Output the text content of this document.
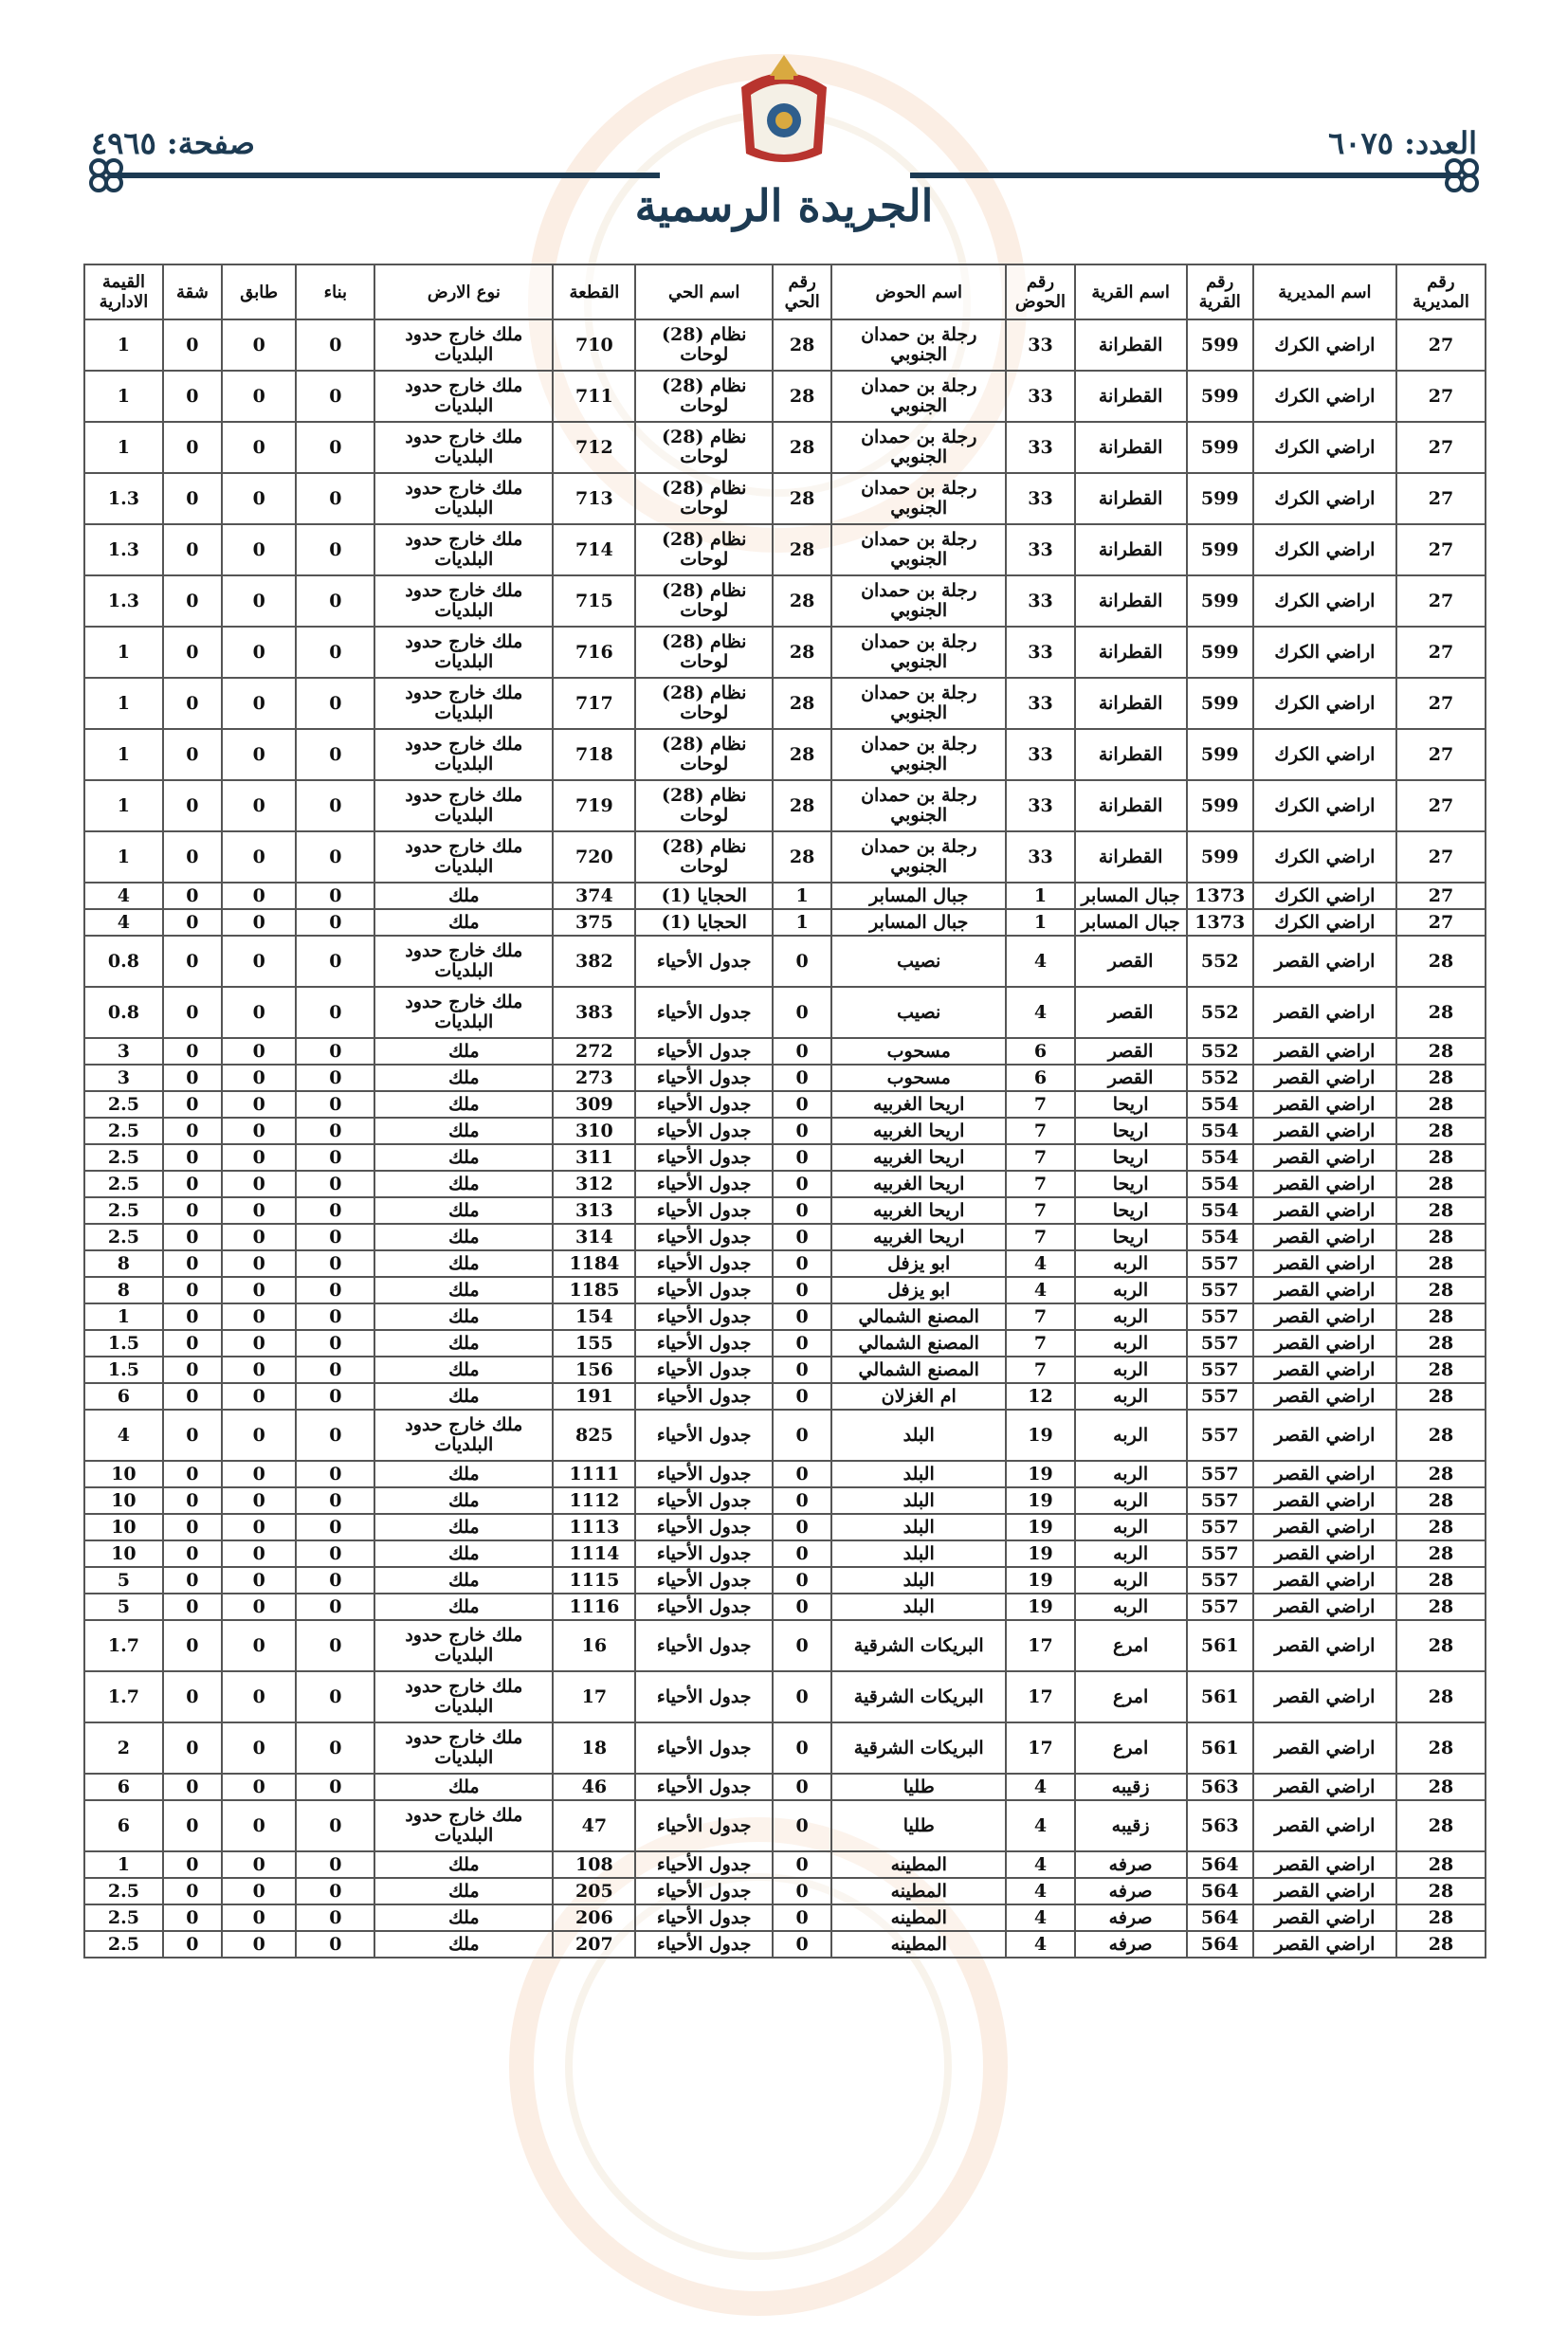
العدد: ٦٠٧٥
صفحة: ٤٩٦٥
الجريدة الرسمية
رقم المديرية	اسم المديرية	رقم القرية	اسم القرية	رقم الحوض	اسم الحوض	رقم الحي	اسم الحي	القطعة	نوع الارض	بناء	طابق	شقة	القيمة الادارية
27	اراضي الكرك	599	القطرانة	33	رجلة بن حمدان الجنوبي	28	نظام (28) لوحات	710	ملك خارج حدود البلديات	0	0	0	1
27	اراضي الكرك	599	القطرانة	33	رجلة بن حمدان الجنوبي	28	نظام (28) لوحات	711	ملك خارج حدود البلديات	0	0	0	1
27	اراضي الكرك	599	القطرانة	33	رجلة بن حمدان الجنوبي	28	نظام (28) لوحات	712	ملك خارج حدود البلديات	0	0	0	1
27	اراضي الكرك	599	القطرانة	33	رجلة بن حمدان الجنوبي	28	نظام (28) لوحات	713	ملك خارج حدود البلديات	0	0	0	1.3
27	اراضي الكرك	599	القطرانة	33	رجلة بن حمدان الجنوبي	28	نظام (28) لوحات	714	ملك خارج حدود البلديات	0	0	0	1.3
27	اراضي الكرك	599	القطرانة	33	رجلة بن حمدان الجنوبي	28	نظام (28) لوحات	715	ملك خارج حدود البلديات	0	0	0	1.3
27	اراضي الكرك	599	القطرانة	33	رجلة بن حمدان الجنوبي	28	نظام (28) لوحات	716	ملك خارج حدود البلديات	0	0	0	1
27	اراضي الكرك	599	القطرانة	33	رجلة بن حمدان الجنوبي	28	نظام (28) لوحات	717	ملك خارج حدود البلديات	0	0	0	1
27	اراضي الكرك	599	القطرانة	33	رجلة بن حمدان الجنوبي	28	نظام (28) لوحات	718	ملك خارج حدود البلديات	0	0	0	1
27	اراضي الكرك	599	القطرانة	33	رجلة بن حمدان الجنوبي	28	نظام (28) لوحات	719	ملك خارج حدود البلديات	0	0	0	1
27	اراضي الكرك	599	القطرانة	33	رجلة بن حمدان الجنوبي	28	نظام (28) لوحات	720	ملك خارج حدود البلديات	0	0	0	1
27	اراضي الكرك	1373	جبال المسابر	1	جبال المسابر	1	الحجايا (1)	374	ملك	0	0	0	4
27	اراضي الكرك	1373	جبال المسابر	1	جبال المسابر	1	الحجايا (1)	375	ملك	0	0	0	4
28	اراضي القصر	552	القصر	4	نصيب	0	جدول الأحياء	382	ملك خارج حدود البلديات	0	0	0	0.8
28	اراضي القصر	552	القصر	4	نصيب	0	جدول الأحياء	383	ملك خارج حدود البلديات	0	0	0	0.8
28	اراضي القصر	552	القصر	6	مسحوب	0	جدول الأحياء	272	ملك	0	0	0	3
28	اراضي القصر	552	القصر	6	مسحوب	0	جدول الأحياء	273	ملك	0	0	0	3
28	اراضي القصر	554	اريحا	7	اريحا الغربيه	0	جدول الأحياء	309	ملك	0	0	0	2.5
28	اراضي القصر	554	اريحا	7	اريحا الغربيه	0	جدول الأحياء	310	ملك	0	0	0	2.5
28	اراضي القصر	554	اريحا	7	اريحا الغربيه	0	جدول الأحياء	311	ملك	0	0	0	2.5
28	اراضي القصر	554	اريحا	7	اريحا الغربيه	0	جدول الأحياء	312	ملك	0	0	0	2.5
28	اراضي القصر	554	اريحا	7	اريحا الغربيه	0	جدول الأحياء	313	ملك	0	0	0	2.5
28	اراضي القصر	554	اريحا	7	اريحا الغربيه	0	جدول الأحياء	314	ملك	0	0	0	2.5
28	اراضي القصر	557	الربه	4	ابو يزفل	0	جدول الأحياء	1184	ملك	0	0	0	8
28	اراضي القصر	557	الربه	4	ابو يزفل	0	جدول الأحياء	1185	ملك	0	0	0	8
28	اراضي القصر	557	الربه	7	المصنع الشمالي	0	جدول الأحياء	154	ملك	0	0	0	1
28	اراضي القصر	557	الربه	7	المصنع الشمالي	0	جدول الأحياء	155	ملك	0	0	0	1.5
28	اراضي القصر	557	الربه	7	المصنع الشمالي	0	جدول الأحياء	156	ملك	0	0	0	1.5
28	اراضي القصر	557	الربه	12	ام الغزلان	0	جدول الأحياء	191	ملك	0	0	0	6
28	اراضي القصر	557	الربه	19	البلد	0	جدول الأحياء	825	ملك خارج حدود البلديات	0	0	0	4
28	اراضي القصر	557	الربه	19	البلد	0	جدول الأحياء	1111	ملك	0	0	0	10
28	اراضي القصر	557	الربه	19	البلد	0	جدول الأحياء	1112	ملك	0	0	0	10
28	اراضي القصر	557	الربه	19	البلد	0	جدول الأحياء	1113	ملك	0	0	0	10
28	اراضي القصر	557	الربه	19	البلد	0	جدول الأحياء	1114	ملك	0	0	0	10
28	اراضي القصر	557	الربه	19	البلد	0	جدول الأحياء	1115	ملك	0	0	0	5
28	اراضي القصر	557	الربه	19	البلد	0	جدول الأحياء	1116	ملك	0	0	0	5
28	اراضي القصر	561	امرع	17	البريكات الشرقية	0	جدول الأحياء	16	ملك خارج حدود البلديات	0	0	0	1.7
28	اراضي القصر	561	امرع	17	البريكات الشرقية	0	جدول الأحياء	17	ملك خارج حدود البلديات	0	0	0	1.7
28	اراضي القصر	561	امرع	17	البريكات الشرقية	0	جدول الأحياء	18	ملك خارج حدود البلديات	0	0	0	2
28	اراضي القصر	563	زقيبه	4	طليا	0	جدول الأحياء	46	ملك	0	0	0	6
28	اراضي القصر	563	زقيبه	4	طليا	0	جدول الأحياء	47	ملك خارج حدود البلديات	0	0	0	6
28	اراضي القصر	564	صرفه	4	المطينه	0	جدول الأحياء	108	ملك	0	0	0	1
28	اراضي القصر	564	صرفه	4	المطينه	0	جدول الأحياء	205	ملك	0	0	0	2.5
28	اراضي القصر	564	صرفه	4	المطينه	0	جدول الأحياء	206	ملك	0	0	0	2.5
28	اراضي القصر	564	صرفه	4	المطينه	0	جدول الأحياء	207	ملك	0	0	0	2.5
